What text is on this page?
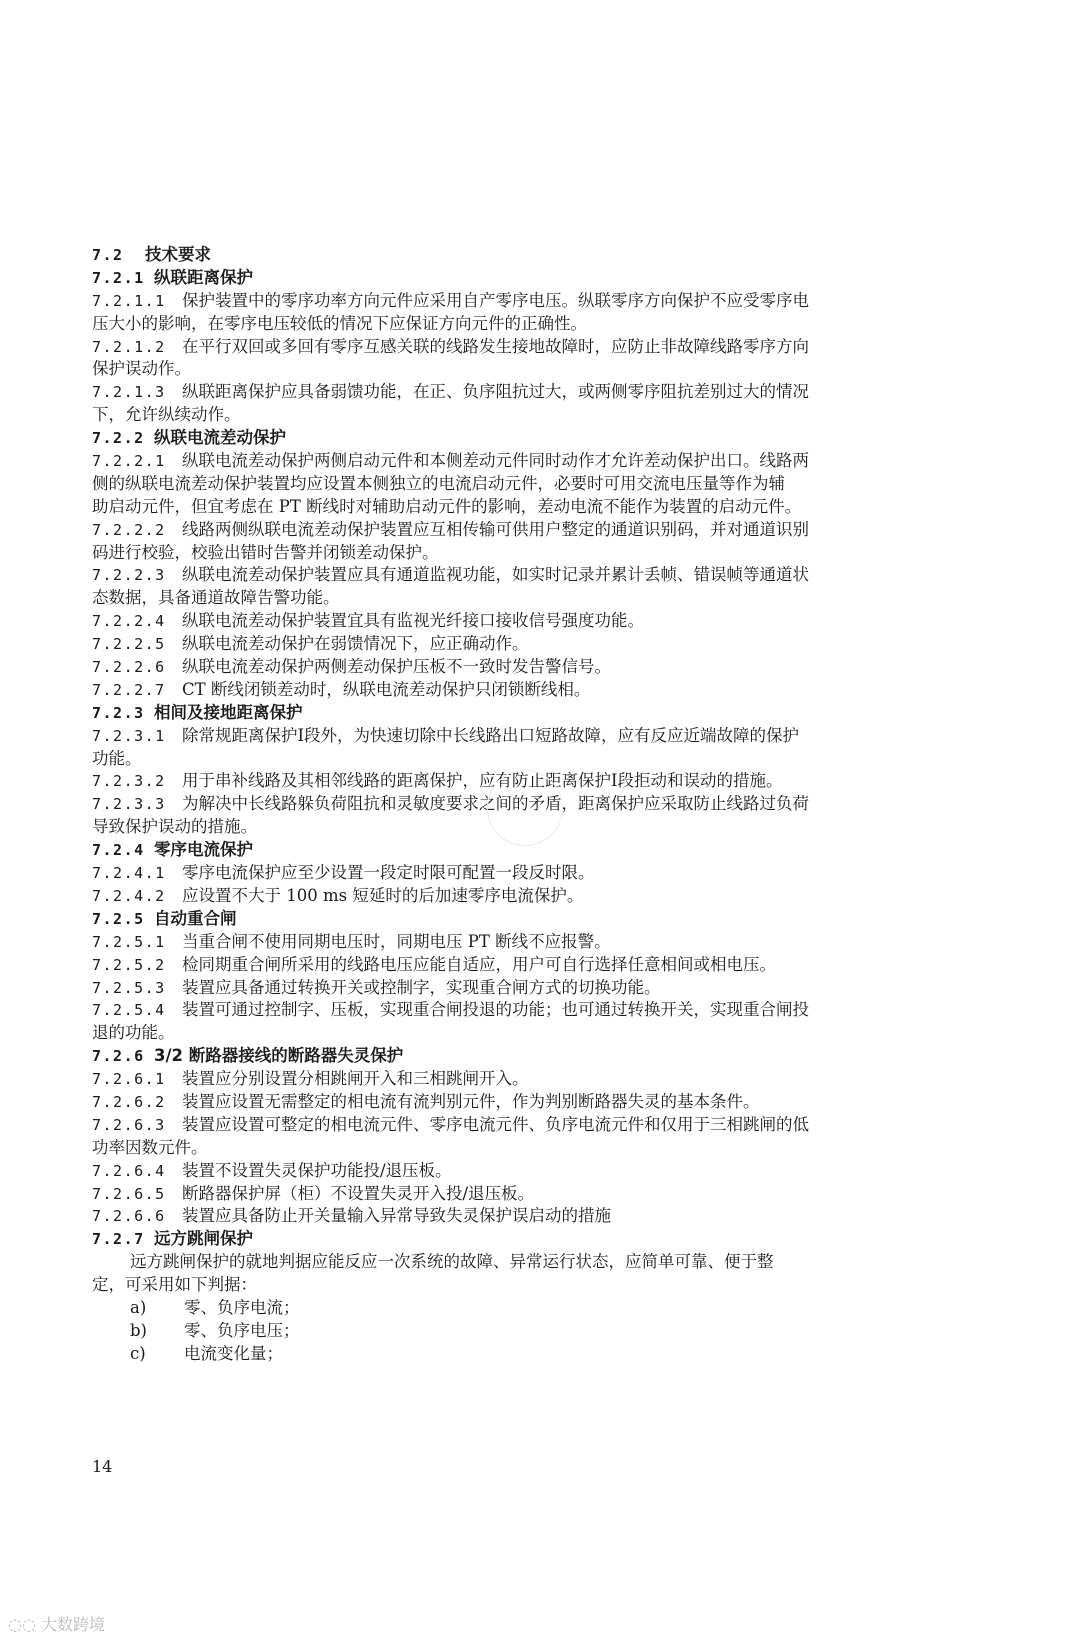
7.2 技术要求
7.2.1 纵联距离保护
7.2.1.1 保护装置中的零序功率方向元件应采用自产零序电压。纵联零序方向保护不应受零序电
压大小的影响，在零序电压较低的情况下应保证方向元件的正确性。
7.2.1.2 在平行双回或多回有零序互感关联的线路发生接地故障时，应防止非故障线路零序方向
保护误动作。
7.2.1.3 纵联距离保护应具备弱馈功能，在正、负序阻抗过大，或两侧零序阻抗差别过大的情况
下，允许纵续动作。
7.2.2 纵联电流差动保护
7.2.2.1 纵联电流差动保护两侧启动元件和本侧差动元件同时动作才允许差动保护出口。线路两
侧的纵联电流差动保护装置均应设置本侧独立的电流启动元件，必要时可用交流电压量等作为辅
助启动元件，但宜考虑在 PT 断线时对辅助启动元件的影响，差动电流不能作为装置的启动元件。
7.2.2.2 线路两侧纵联电流差动保护装置应互相传输可供用户整定的通道识别码，并对通道识别
码进行校验，校验出错时告警并闭锁差动保护。
7.2.2.3 纵联电流差动保护装置应具有通道监视功能，如实时记录并累计丢帧、错误帧等通道状
态数据，具备通道故障告警功能。
7.2.2.4 纵联电流差动保护装置宜具有监视光纤接口接收信号强度功能。
7.2.2.5 纵联电流差动保护在弱馈情况下，应正确动作。
7.2.2.6 纵联电流差动保护两侧差动保护压板不一致时发告警信号。
7.2.2.7 CT 断线闭锁差动时，纵联电流差动保护只闭锁断线相。
7.2.3 相间及接地距离保护
7.2.3.1 除常规距离保护Ⅰ段外，为快速切除中长线路出口短路故障，应有反应近端故障的保护
功能。
7.2.3.2 用于串补线路及其相邻线路的距离保护，应有防止距离保护Ⅰ段拒动和误动的措施。
7.2.3.3 为解决中长线路躲负荷阻抗和灵敏度要求之间的矛盾，距离保护应采取防止线路过负荷
导致保护误动的措施。
7.2.4 零序电流保护
7.2.4.1 零序电流保护应至少设置一段定时限可配置一段反时限。
7.2.4.2 应设置不大于 100 ms 短延时的后加速零序电流保护。
7.2.5 自动重合闸
7.2.5.1 当重合闸不使用同期电压时，同期电压 PT 断线不应报警。
7.2.5.2 检同期重合闸所采用的线路电压应能自适应，用户可自行选择任意相间或相电压。
7.2.5.3 装置应具备通过转换开关或控制字，实现重合闸方式的切换功能。
7.2.5.4 装置可通过控制字、压板，实现重合闸投退的功能；也可通过转换开关，实现重合闸投
退的功能。
7.2.6 3/2 断路器接线的断路器失灵保护
7.2.6.1 装置应分别设置分相跳闸开入和三相跳闸开入。
7.2.6.2 装置应设置无需整定的相电流有流判别元件，作为判别断路器失灵的基本条件。
7.2.6.3 装置应设置可整定的相电流元件、零序电流元件、负序电流元件和仅用于三相跳闸的低
功率因数元件。
7.2.6.4 装置不设置失灵保护功能投/退压板。
7.2.6.5 断路器保护屏（柜）不设置失灵开入投/退压板。
7.2.6.6 装置应具备防止开关量输入异常导致失灵保护误启动的措施
7.2.7 远方跳闸保护
远方跳闸保护的就地判据应能反应一次系统的故障、异常运行状态，应简单可靠、便于整
定，可采用如下判据：
a) 零、负序电流；
b) 零、负序电压；
c) 电流变化量；
14
◌◌ 大数跨境
